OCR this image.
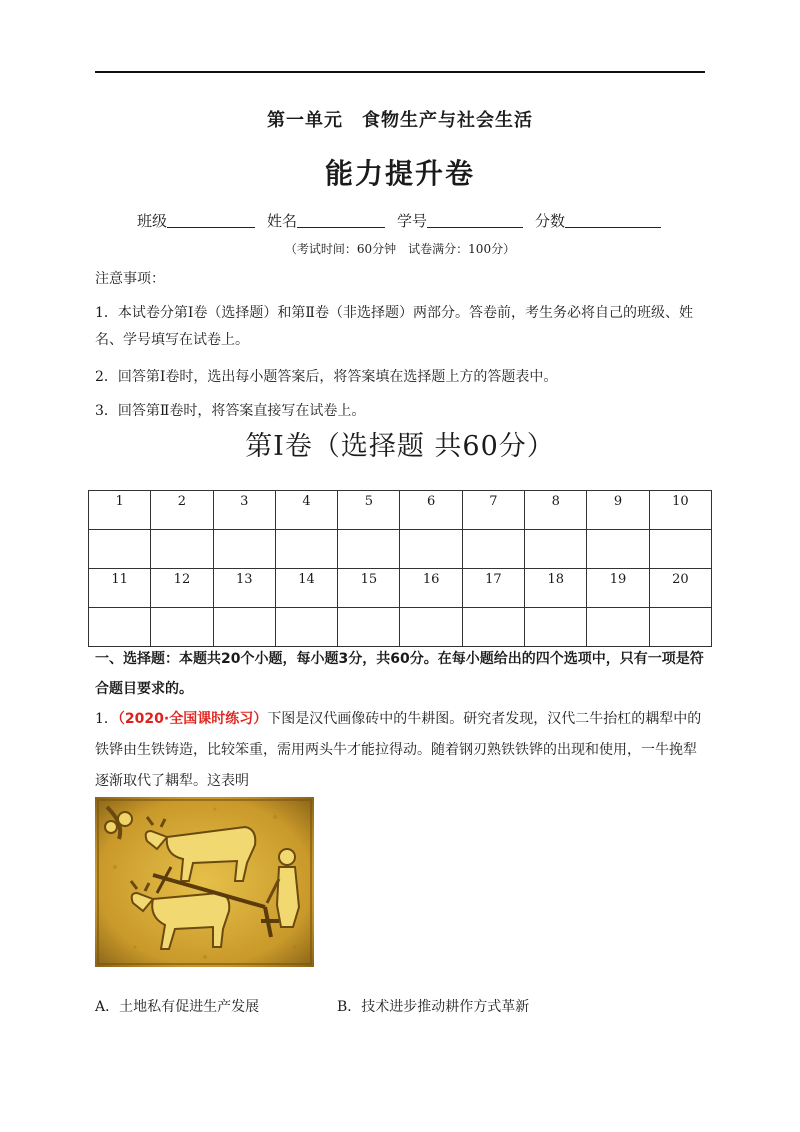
第一单元　食物生产与社会生活
能力提升卷
班级	姓名	学号	分数
（考试时间：60分钟　试卷满分：100分）

注意事项：

1．本试卷分第Ⅰ卷（选择题）和第Ⅱ卷（非选择题）两部分。答卷前，考生务必将自己的班级、姓名、学号填写在试卷上。

2．回答第Ⅰ卷时，选出每小题答案后，将答案填在选择题上方的答题表中。

3．回答第Ⅱ卷时，将答案直接写在试卷上。

第Ⅰ卷（选择题 共60分）
1	2	3	4	5	6	7	8	9	10

11	12	13	14	15	16	17	18	19	20

一、选择题：本题共20个小题，每小题3分，共60分。在每小题给出的四个选项中，只有一项是符合题目要求的。
1．（2020·全国课时练习）下图是汉代画像砖中的牛耕图。研究者发现，汉代二牛抬杠的耦犁中的铁铧由生铁铸造，比较笨重，需用两头牛才能拉得动。随着钢刃熟铁铁铧的出现和使用，一牛挽犁逐渐取代了耦犁。这表明
A．土地私有促进生产发展	B．技术进步推动耕作方式革新
